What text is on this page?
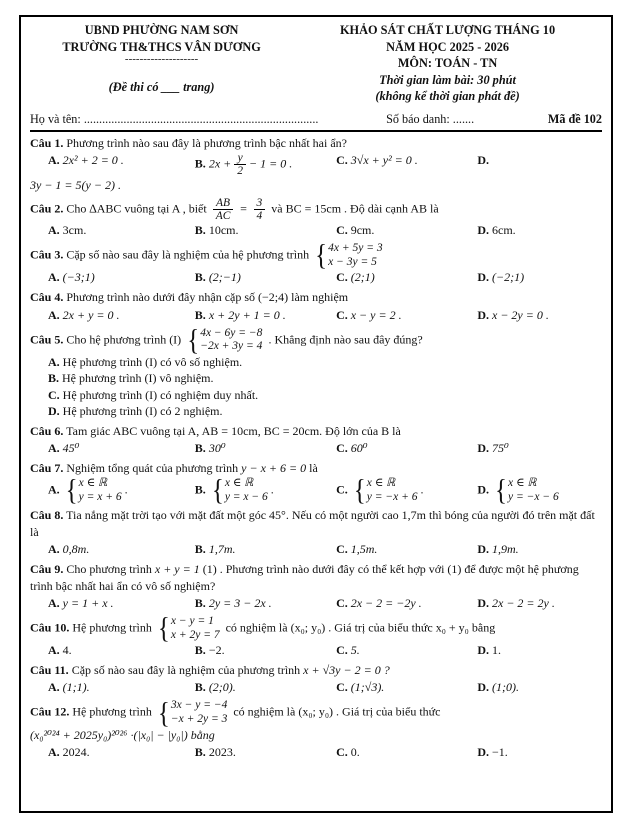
UBND PHƯỜNG NAM SƠN
TRƯỜNG TH&THCS VÂN DƯƠNG
--------------------
(Đề thi có ___ trang)
KHẢO SÁT CHẤT LƯỢNG THÁNG 10
NĂM HỌC 2025 - 2026
MÔN: TOÁN - TN
Thời gian làm bài: 30 phút
(không kể thời gian phát đề)
Họ và tên: .............................................................................	Số báo danh: .......	Mã đề 102
Câu 1. Phương trình nào sau đây là phương trình bậc nhất hai ẩn?
A. 2x² + 2 = 0 .	B. $2x + \frac{y}{2} - 1 = 0$ .	C. 3√x + y² = 0 .	D.
3y − 1 = 5(y − 2) .
Câu 2. Cho ∆ABC vuông tại A , biết $\frac{AB}{AC} = \frac{3}{4}$ và BC = 15cm . Độ dài cạnh AB là
A. 3cm.	B. 10cm.	C. 9cm.	D. 6cm.
Câu 3. Cặp số nào sau đây là nghiệm của hệ phương trình { 4x + 5y = 3
x − 3y = 5
A. (−3;1)	B. (2;−1)	C. (2;1)	D. (−2;1)
Câu 4. Phương trình nào dưới đây nhận cặp số (−2;4) làm nghiệm
A. 2x + y = 0 .	B. x + 2y + 1 = 0 .	C. x − y = 2 .	D. x − 2y = 0 .
Câu 5. Cho hệ phương trình (I) { 4x − 6y = −8
−2x + 3y = 4
. Khẳng định nào sau đây đúng?
A. Hệ phương trình (I) có vô số nghiệm.
B. Hệ phương trình (I) vô nghiệm.
C. Hệ phương trình (I) có nghiệm duy nhất.
D. Hệ phương trình (I) có 2 nghiệm.
Câu 6. Tam giác ABC vuông tại A, AB = 10cm, BC = 20cm. Độ lớn của B là
A. 45⁰	B. 30⁰	C. 60⁰	D. 75⁰
Câu 7. Nghiệm tổng quát của phương trình y − x + 6 = 0 là
A. { x ∈ ℝ
y = x + 6
.	B. { x ∈ ℝ
y = x − 6
.	C. { x ∈ ℝ
y = −x + 6
.	D. { x ∈ ℝ
y = −x − 6
Câu 8. Tia nắng mặt trời tạo với mặt đất một góc 45°. Nếu có một người cao 1,7m thì bóng của người đó trên mặt đất là
A. 0,8m.	B. 1,7m.	C. 1,5m.	D. 1,9m.
Câu 9. Cho phương trình x + y = 1 (1) . Phương trình nào dưới đây có thể kết hợp với (1) để được một hệ phương trình bậc nhất hai ẩn có vô số nghiệm?
A. y = 1 + x .	B. 2y = 3 − 2x .	C. 2x − 2 = −2y .	D. 2x − 2 = 2y .
Câu 10. Hệ phương trình { x − y = 1
x + 2y = 7
có nghiệm là (x₀; y₀) . Giá trị của biểu thức x₀ + y₀ bằng
A. 4.	B. −2.	C. 5.	D. 1.
Câu 11. Cặp số nào sau đây là nghiệm của phương trình x + √3y − 2 = 0 ?
A. (1;1).	B. (2;0).	C. (1;√3).	D. (1;0).
Câu 12. Hệ phương trình { 3x − y = −4
−x + 2y = 3
có nghiệm là (x₀; y₀) . Giá trị của biểu thức
(x₀²⁰²⁴ + 2025y₀)²⁰²⁶ ·(|x₀| − |y₀|) bằng
A. 2024.	B. 2023.	C. 0.	D. −1.
